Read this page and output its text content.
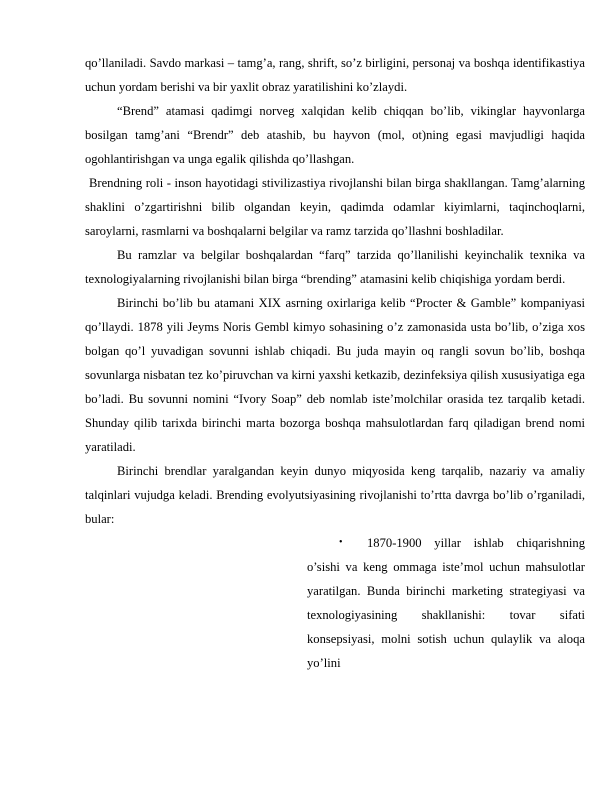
qo’llaniladi. Savdo markasi – tamg’a, rang, shrift, so’z birligini, personaj va boshqa identifikastiya uchun yordam berishi va bir yaxlit obraz yaratilishini ko’zlaydi.

“Brend” atamasi qadimgi norveg xalqidan kelib chiqqan bo’lib, vikinglar hayvonlarga bosilgan tamg’ani “Brendr” deb atashib, bu hayvon (mol, ot)ning egasi mavjudligi haqida ogohlantirishgan va unga egalik qilishda qo’llashgan.

Brendning roli - inson hayotidagi stivilizastiya rivojlanshi bilan birga shakllangan. Tamg’alarning shaklini o’zgartirishni bilib olgandan keyin, qadimda odamlar kiyimlarni, taqinchoqlarni, saroylarni, rasmlarni va boshqalarni belgilar va ramz tarzida qo’llashni boshladilar.

Bu ramzlar va belgilar boshqalardan “farq” tarzida qo’llanilishi keyinchalik texnika va texnologiyalarning rivojlanishi bilan birga “brending” atamasini kelib chiqishiga yordam berdi.

Birinchi bo’lib bu atamani XIX asrning oxirlariga kelib “Procter & Gamble” kompaniyasi qo’llaydi. 1878 yili Jeyms Noris Gembl kimyo sohasining o’z zamonasida usta bo’lib, o’ziga xos bolgan qo’l yuvadigan sovunni ishlab chiqadi. Bu juda mayin oq rangli sovun bo’lib, boshqa sovunlarga nisbatan tez ko’piruvchan va kirni yaxshi ketkazib, dezinfeksiya qilish xususiyatiga ega bo’ladi. Bu sovunni nomini “Ivory Soap” deb nomlab iste’molchilar orasida tez tarqalib ketadi. Shunday qilib tarixda birinchi marta bozorga boshqa mahsulotlardan farq qiladigan brend nomi yaratiladi.

Birinchi brendlar yaralgandan keyin dunyo miqyosida keng tarqalib, nazariy va amaliy talqinlari vujudga keladi. Brending evolyutsiyasining rivojlanishi to’rtta davrga bo’lib o’rganiladi, bular:

• 1870-1900 yillar ishlab chiqarishning o’sishi va keng ommaga iste’mol uchun mahsulotlar yaratilgan. Bunda birinchi marketing strategiyasi va texnologiyasining shakllanishi: tovar sifati konsepsiyasi, molni sotish uchun qulaylik va aloqa yo’lini
